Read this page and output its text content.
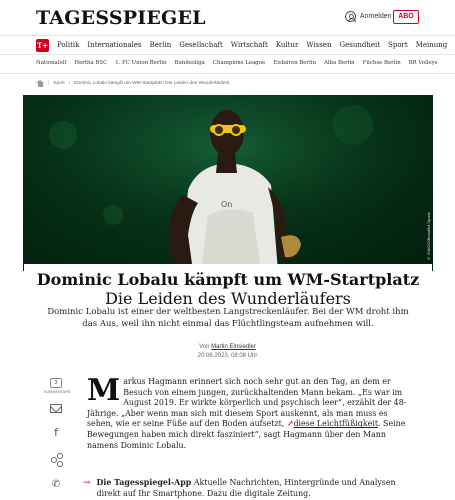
TAGESSPIEGEL	Anmelden ABO
T+ Politik Internationales Berlin Gesellschaft Wirtschaft Kultur Wissen Gesundheit Sport Meinung
Nationalelf Hertha BSC 1. FC Union Berlin Bundesliga Champions League Eisbären Berlin Alba Berlin Füchse Berlin BR Volleys
| Sport | Dominic Lobalu kämpft um WM-Startplatz: Die Leiden des Wunderläufers
On
© IMAGO/Beautiful Sports
Dominic Lobalu kämpft um WM-Startplatz Die Leiden des Wunderläufers
Dominic Lobalu ist einer der weltbesten Langstreckenläufer. Bei der WM droht ihm das Aus, weil ihn nicht einmal das Flüchtlingsteam aufnehmen will.
Von Martin Einsiedler
20.06.2023, 08:08 Uhr
3
KOMMENTARE
f
✆
M arkus Hagmann erinnert sich noch sehr gut an den Tag, an dem er Besuch von einem jungen, zurückhaltenden Mann bekam. „Es war im August 2019. Er wirkte körperlich und psychisch leer“, erzählt der 48-Jährige. „Aber wenn man sich mit diesem Sport auskennt, als man muss es sehen, wie er seine Füße auf den Boden aufsetzt, ↗diese Leichtfüßigkeit. Seine Bewegungen haben mich direkt fasziniert“, sagt Hagmann über den Mann namens Dominic Lobalu.
→ Die Tagesspiegel-App Aktuelle Nachrichten, Hintergründe und Analysen direkt auf Ihr Smartphone. Dazu die digitale Zeitung.
